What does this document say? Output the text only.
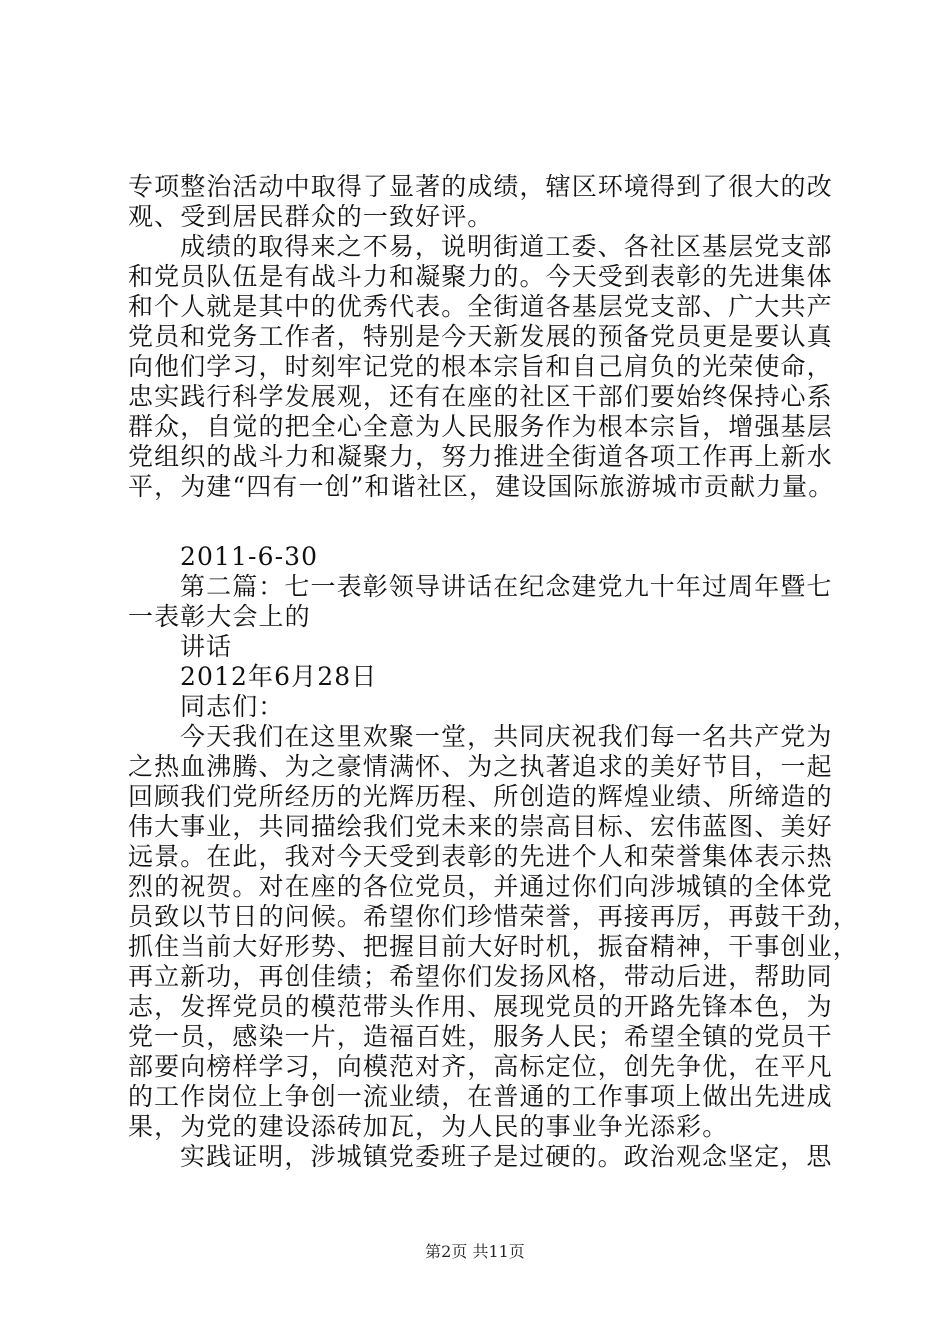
专项整治活动中取得了显著的成绩，辖区环境得到了很大的改
观、受到居民群众的一致好评。
成绩的取得来之不易，说明街道工委、各社区基层党支部
和党员队伍是有战斗力和凝聚力的。今天受到表彰的先进集体
和个人就是其中的优秀代表。全街道各基层党支部、广大共产
党员和党务工作者，特别是今天新发展的预备党员更是要认真
向他们学习，时刻牢记党的根本宗旨和自己肩负的光荣使命，
忠实践行科学发展观，还有在座的社区干部们要始终保持心系
群众，自觉的把全心全意为人民服务作为根本宗旨，增强基层
党组织的战斗力和凝聚力，努力推进全街道各项工作再上新水
平，为建“四有一创”和谐社区，建设国际旅游城市贡献力量。
2011-6-30
第二篇：七一表彰领导讲话在纪念建党九十年过周年暨七
一表彰大会上的
讲话
2012年6月28日
同志们：
今天我们在这里欢聚一堂，共同庆祝我们每一名共产党为
之热血沸腾、为之豪情满怀、为之执著追求的美好节目，一起
回顾我们党所经历的光辉历程、所创造的辉煌业绩、所缔造的
伟大事业，共同描绘我们党未来的崇高目标、宏伟蓝图、美好
远景。在此，我对今天受到表彰的先进个人和荣誉集体表示热
烈的祝贺。对在座的各位党员，并通过你们向涉城镇的全体党
员致以节日的问候。希望你们珍惜荣誉，再接再厉，再鼓干劲，
抓住当前大好形势、把握目前大好时机，振奋精神，干事创业，
再立新功，再创佳绩；希望你们发扬风格，带动后进，帮助同
志，发挥党员的模范带头作用、展现党员的开路先锋本色，为
党一员，感染一片，造福百姓，服务人民；希望全镇的党员干
部要向榜样学习，向模范对齐，高标定位，创先争优，在平凡
的工作岗位上争创一流业绩，在普通的工作事项上做出先进成
果，为党的建设添砖加瓦，为人民的事业争光添彩。
实践证明，涉城镇党委班子是过硬的。政治观念坚定，思
第2页 共11页
